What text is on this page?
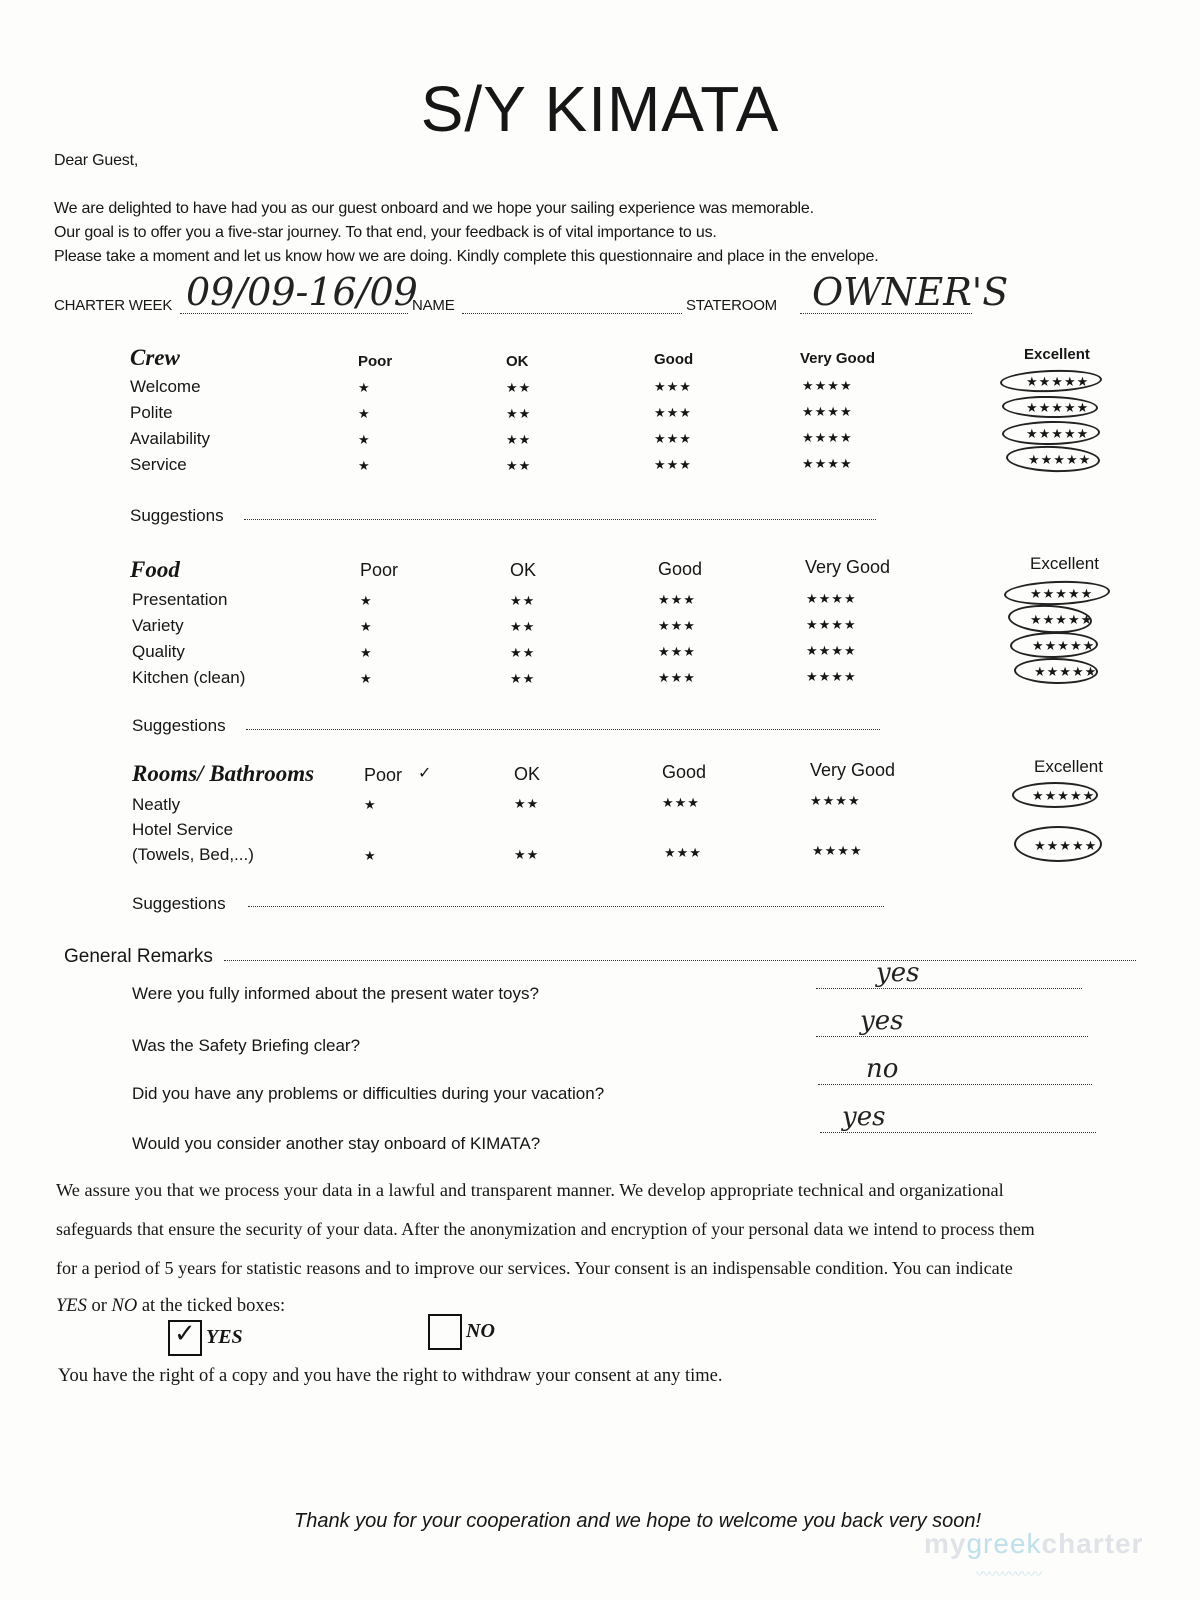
S/Y KIMATA
Dear Guest,
We are delighted to have had you as our guest onboard and we hope your sailing experience was memorable.
Our goal is to offer you a five-star journey. To that end, your feedback is of vital importance to us.
Please take a moment and let us know how we are doing. Kindly complete this questionnaire and place in the envelope.
CHARTER WEEK 09/09-16/09
NAME	STATEROOM OWNER'S
Crew	Poor	OK	Good	Very Good	Excellent
Welcome	★	★★	★★★	★★★★	★★★★★
Polite	★	★★	★★★	★★★★	★★★★★
Availability	★	★★	★★★	★★★★	★★★★★
Service	★	★★	★★★	★★★★	★★★★★
Suggestions
Food	Poor	OK	Good	Very Good	Excellent
Presentation	★	★★	★★★	★★★★	★★★★★
Variety	★	★★	★★★	★★★★	★★★★★
Quality	★	★★	★★★	★★★★	★★★★★
Kitchen (clean)	★	★★	★★★	★★★★	★★★★★
Suggestions
Rooms/ Bathrooms	Poor ✓	OK	Good	Very Good	Excellent
Neatly	★	★★	★★★	★★★★	★★★★★
Hotel Service
(Towels, Bed,...)	★	★★	★★★	★★★★	★★★★★
Suggestions
General Remarks
Were you fully informed about the present water toys?
yes
Was the Safety Briefing clear?
yes
Did you have any problems or difficulties during your vacation?
no
Would you consider another stay onboard of KIMATA?
yes
We assure you that we process your data in a lawful and transparent manner. We develop appropriate technical and organizational
safeguards that ensure the security of your data. After the anonymization and encryption of your personal data we intend to process them
for a period of 5 years for statistic reasons and to improve our services. Your consent is an indispensable condition. You can indicate
YES or NO at the ticked boxes:
✓ YES	NO
You have the right of a copy and you have the right to withdraw your consent at any time.
Thank you for your cooperation and we hope to welcome you back very soon!
mygreekcharter
〰〰〰〰〰
